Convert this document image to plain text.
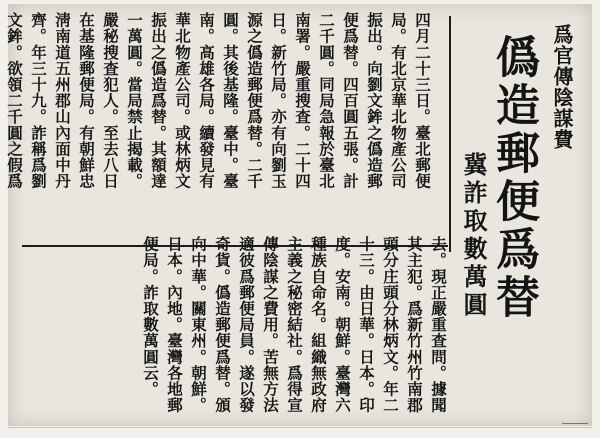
爲官傳陰謀費
僞造郵便爲替
冀詐取數萬圓
四月二十三日。臺北郵便
局。有北京華北物產公司
振出。向劉文鉾之僞造郵
便爲替。四百圓五張。計
二千圓。同局急報於臺北
南署。嚴重搜査。二十四
日。新竹局。亦有向劉玉
源之僞造郵便爲替。二千
圓。其後基隆。臺中。臺
南。高雄各局。續發見有
華北物產公司。或林炳文
振出之僞造爲替。其額達
一萬圓。當局禁止揭載。
嚴秘搜査犯人。至去八日
在基隆郵便局。有朝鮮忠
淸南道五州郡山內面中丹
齊。年三十九。詐稱爲劉
文鉾。欲領二千圓之假爲
去。現正嚴重査問。據聞
其主犯。爲新竹州竹南郡
頭分庄頭分林炳文。年二
十三。由日華。日本。印
度。安南。朝鮮。臺灣六
種族自命名。組織無政府
主義之秘密結社。爲得宣
傳陰謀之費用。苦無方法
適彼爲郵便局員。遂以發
奇貨。僞造郵便爲替。頒
向中華。關東州。朝鮮。
日本。內地。臺灣各地郵
便局。詐取數萬圓云。
